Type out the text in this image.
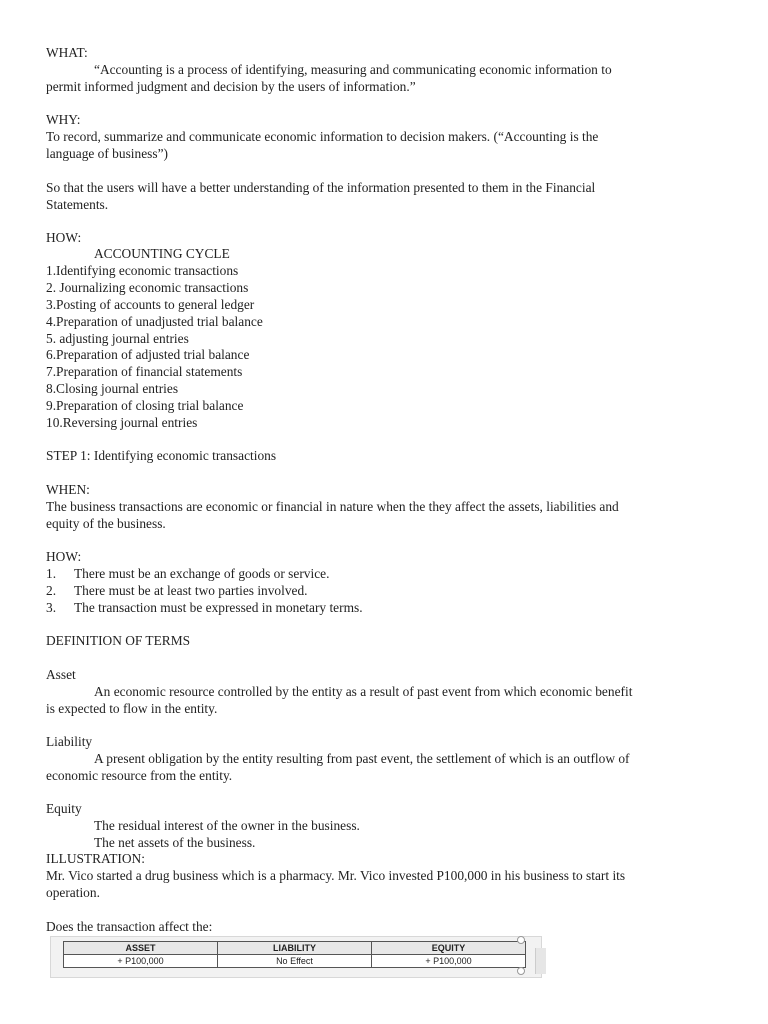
WHAT:
“Accounting is a process of identifying, measuring and communicating economic information to
permit informed judgment and decision by the users of information.”
WHY:
To record, summarize and communicate economic information to decision makers. (“Accounting is the
language of business”)
So that the users will have a better understanding of the information presented to them in the Financial
Statements.
HOW:
ACCOUNTING CYCLE
1.Identifying economic transactions
2. Journalizing economic transactions
3.Posting of accounts to general ledger
4.Preparation of unadjusted trial balance
5. adjusting journal entries
6.Preparation of adjusted trial balance
7.Preparation of financial statements
8.Closing journal entries
9.Preparation of closing trial balance
10.Reversing journal entries
STEP 1: Identifying economic transactions
WHEN:
The business transactions are economic or financial in nature when the they affect the assets, liabilities and
equity of the business.
HOW:
1. There must be an exchange of goods or service.
2. There must be at least two parties involved.
3. The transaction must be expressed in monetary terms.
DEFINITION OF TERMS
Asset
An economic resource controlled by the entity as a result of past event from which economic benefit
is expected to flow in the entity.
Liability
A present obligation by the entity resulting from past event, the settlement of which is an outflow of
economic resource from the entity.
Equity
The residual interest of the owner in the business.
The net assets of the business.
ILLUSTRATION:
Mr. Vico started a drug business which is a pharmacy. Mr. Vico invested P100,000 in his business to start its
operation.
Does the transaction affect the:
ASSET	LIABILITY	EQUITY
+ P100,000	No Effect	+ P100,000
